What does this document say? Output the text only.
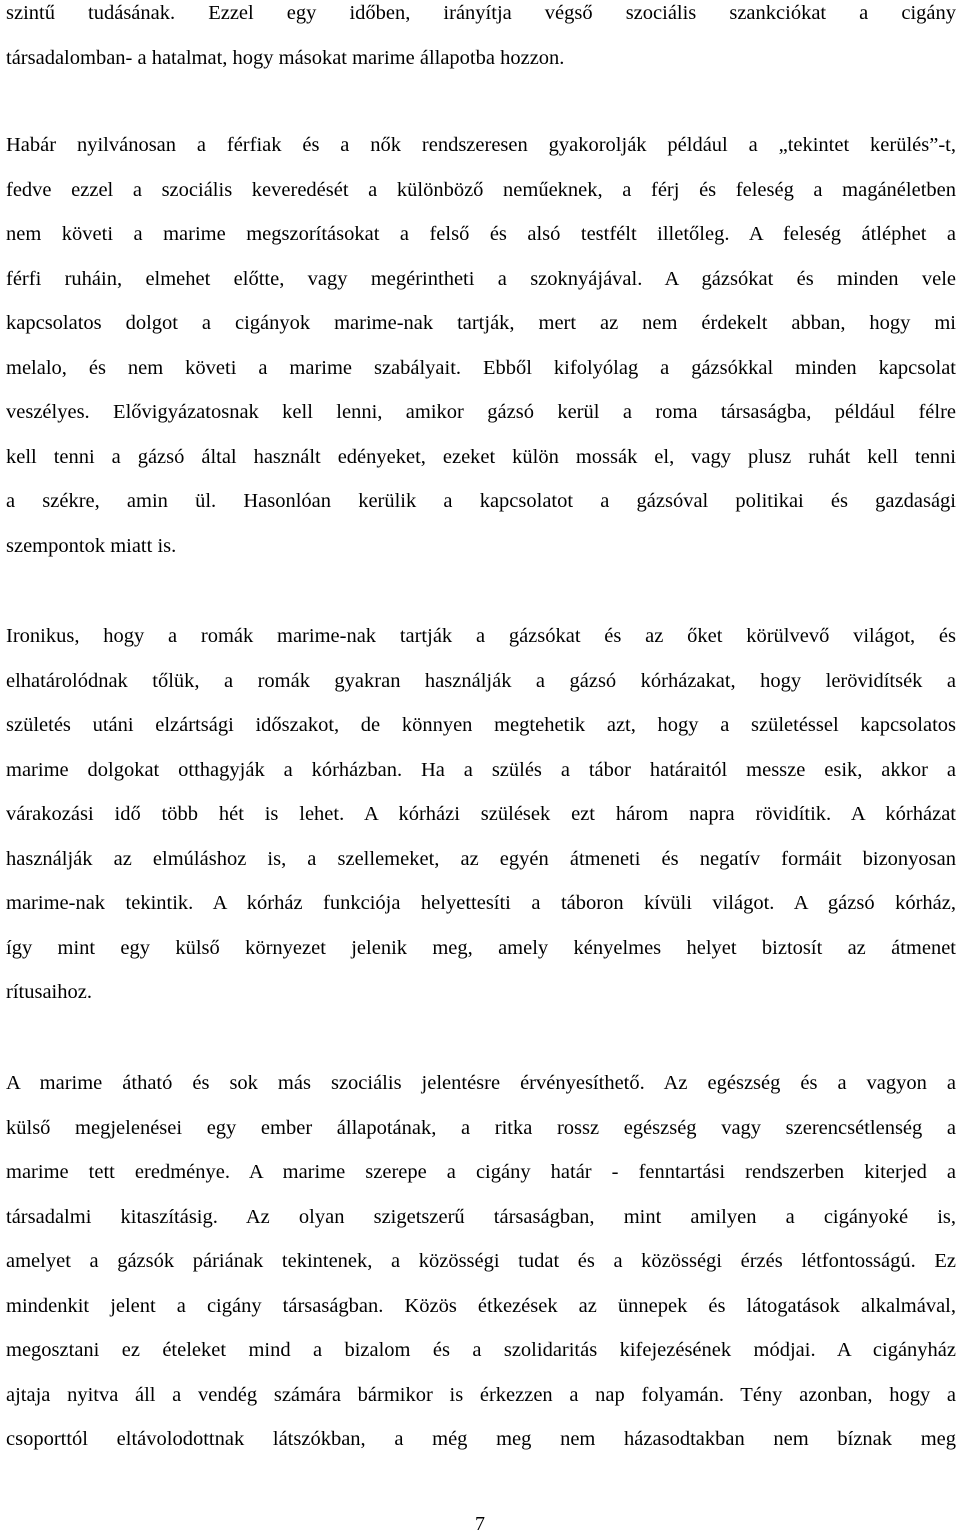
szintű tudásának. Ezzel egy időben, irányítja végső szociális szankciókat a cigány
társadalomban- a hatalmat, hogy másokat marime állapotba hozzon.
Habár nyilvánosan a férfiak és a nők rendszeresen gyakorolják például a „tekintet kerülés”-t,
fedve ezzel a szociális keveredését a különböző neműeknek, a férj és feleség a magánéletben
nem követi a marime megszorításokat a felső és alsó testfélt illetőleg. A feleség átléphet a
férfi ruháin, elmehet előtte, vagy megérintheti a szoknyájával. A gázsókat és minden vele
kapcsolatos dolgot a cigányok marime-nak tartják, mert az nem érdekelt abban, hogy mi
melalo, és nem követi a marime szabályait. Ebből kifolyólag a gázsókkal minden kapcsolat
veszélyes. Elővigyázatosnak kell lenni, amikor gázsó kerül a roma társaságba, például félre
kell tenni a gázsó által használt edényeket, ezeket külön mossák el, vagy plusz ruhát kell tenni
a székre, amin ül. Hasonlóan kerülik a kapcsolatot a gázsóval politikai és gazdasági
szempontok miatt is.
Ironikus, hogy a romák marime-nak tartják a gázsókat és az őket körülvevő világot, és
elhatárolódnak tőlük, a romák gyakran használják a gázsó kórházakat, hogy lerövidítsék a
születés utáni elzártsági időszakot, de könnyen megtehetik azt, hogy a születéssel kapcsolatos
marime dolgokat otthagyják a kórházban. Ha a szülés a tábor határaitól messze esik, akkor a
várakozási idő több hét is lehet. A kórházi szülések ezt három napra rövidítik. A kórházat
használják az elmúláshoz is, a szellemeket, az egyén átmeneti és negatív formáit bizonyosan
marime-nak tekintik. A kórház funkciója helyettesíti a táboron kívüli világot. A gázsó kórház,
így mint egy külső környezet jelenik meg, amely kényelmes helyet biztosít az átmenet
rítusaihoz.
A marime átható és sok más szociális jelentésre érvényesíthető. Az egészség és a vagyon a
külső megjelenései egy ember állapotának, a ritka rossz egészség vagy szerencsétlenség a
marime tett eredménye. A marime szerepe a cigány határ - fenntartási rendszerben kiterjed a
társadalmi kitaszításig. Az olyan szigetszerű társaságban, mint amilyen a cigányoké is,
amelyet a gázsók páriának tekintenek, a közösségi tudat és a közösségi érzés létfontosságú. Ez
mindenkit jelent a cigány társaságban. Közös étkezések az ünnepek és látogatások alkalmával,
megosztani ez ételeket mind a bizalom és a szolidaritás kifejezésének módjai. A cigányház
ajtaja nyitva áll a vendég számára bármikor is érkezzen a nap folyamán. Tény azonban, hogy a
csoporttól eltávolodottnak látszókban, a még meg nem házasodtakban nem bíznak meg
7
